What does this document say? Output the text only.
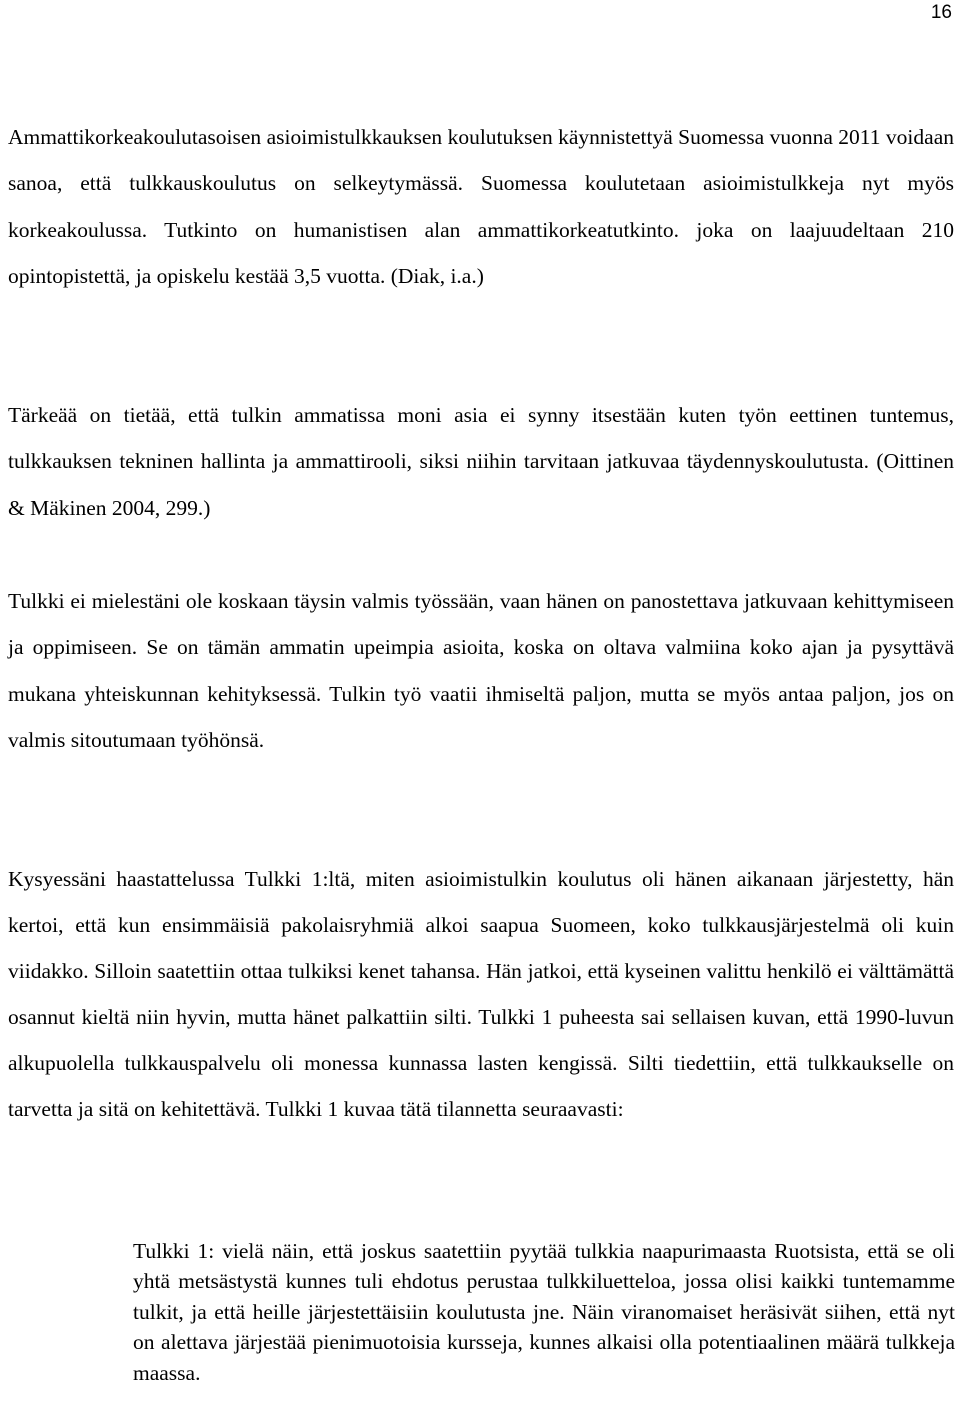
16

Ammattikorkeakoulutasoisen asioimistulkkauksen koulutuksen käynnistettyä Suomessa vuonna 2011 voidaan sanoa, että tulkkauskoulutus on selkeytymässä. Suomessa koulutetaan asioimistulkkeja nyt myös korkeakoulussa. Tutkinto on humanistisen alan ammattikorkeatutkinto. joka on laajuudeltaan 210 opintopistettä, ja opiskelu kestää 3,5 vuotta. (Diak, i.a.)

Tärkeää on tietää, että tulkin ammatissa moni asia ei synny itsestään kuten työn eettinen tuntemus, tulkkauksen tekninen hallinta ja ammattirooli, siksi niihin tarvitaan jatkuvaa täydennyskoulutusta. (Oittinen & Mäkinen 2004, 299.)

Tulkki ei mielestäni ole koskaan täysin valmis työssään, vaan hänen on panostettava jatkuvaan kehittymiseen ja oppimiseen. Se on tämän ammatin upeimpia asioita, koska on oltava valmiina koko ajan ja pysyttävä mukana yhteiskunnan kehityksessä. Tulkin työ vaatii ihmiseltä paljon, mutta se myös antaa paljon, jos on valmis sitoutumaan työhönsä.

Kysyessäni haastattelussa Tulkki 1:ltä, miten asioimistulkin koulutus oli hänen aikanaan järjestetty, hän kertoi, että kun ensimmäisiä pakolaisryhmiä alkoi saapua Suomeen, koko tulkkausjärjestelmä oli kuin viidakko. Silloin saatettiin ottaa tulkiksi kenet tahansa. Hän jatkoi, että kyseinen valittu henkilö ei välttämättä osannut kieltä niin hyvin, mutta hänet palkattiin silti. Tulkki 1 puheesta sai sellaisen kuvan, että 1990-luvun alkupuolella tulkkauspalvelu oli monessa kunnassa lasten kengissä. Silti tiedettiin, että tulkkaukselle on tarvetta ja sitä on kehitettävä. Tulkki 1 kuvaa tätä tilannetta seuraavasti:

Tulkki 1: vielä näin, että joskus saatettiin pyytää tulkkia naapurimaasta Ruotsista, että se oli yhtä metsästystä kunnes tuli ehdotus perustaa tulkkiluetteloa, jossa olisi kaikki tuntemamme tulkit, ja että heille järjestettäisiin koulutusta jne. Näin viranomaiset heräsivät siihen, että nyt on alettava järjestää pienimuotoisia kursseja, kunnes alkaisi olla potentiaalinen määrä tulkkeja maassa.
